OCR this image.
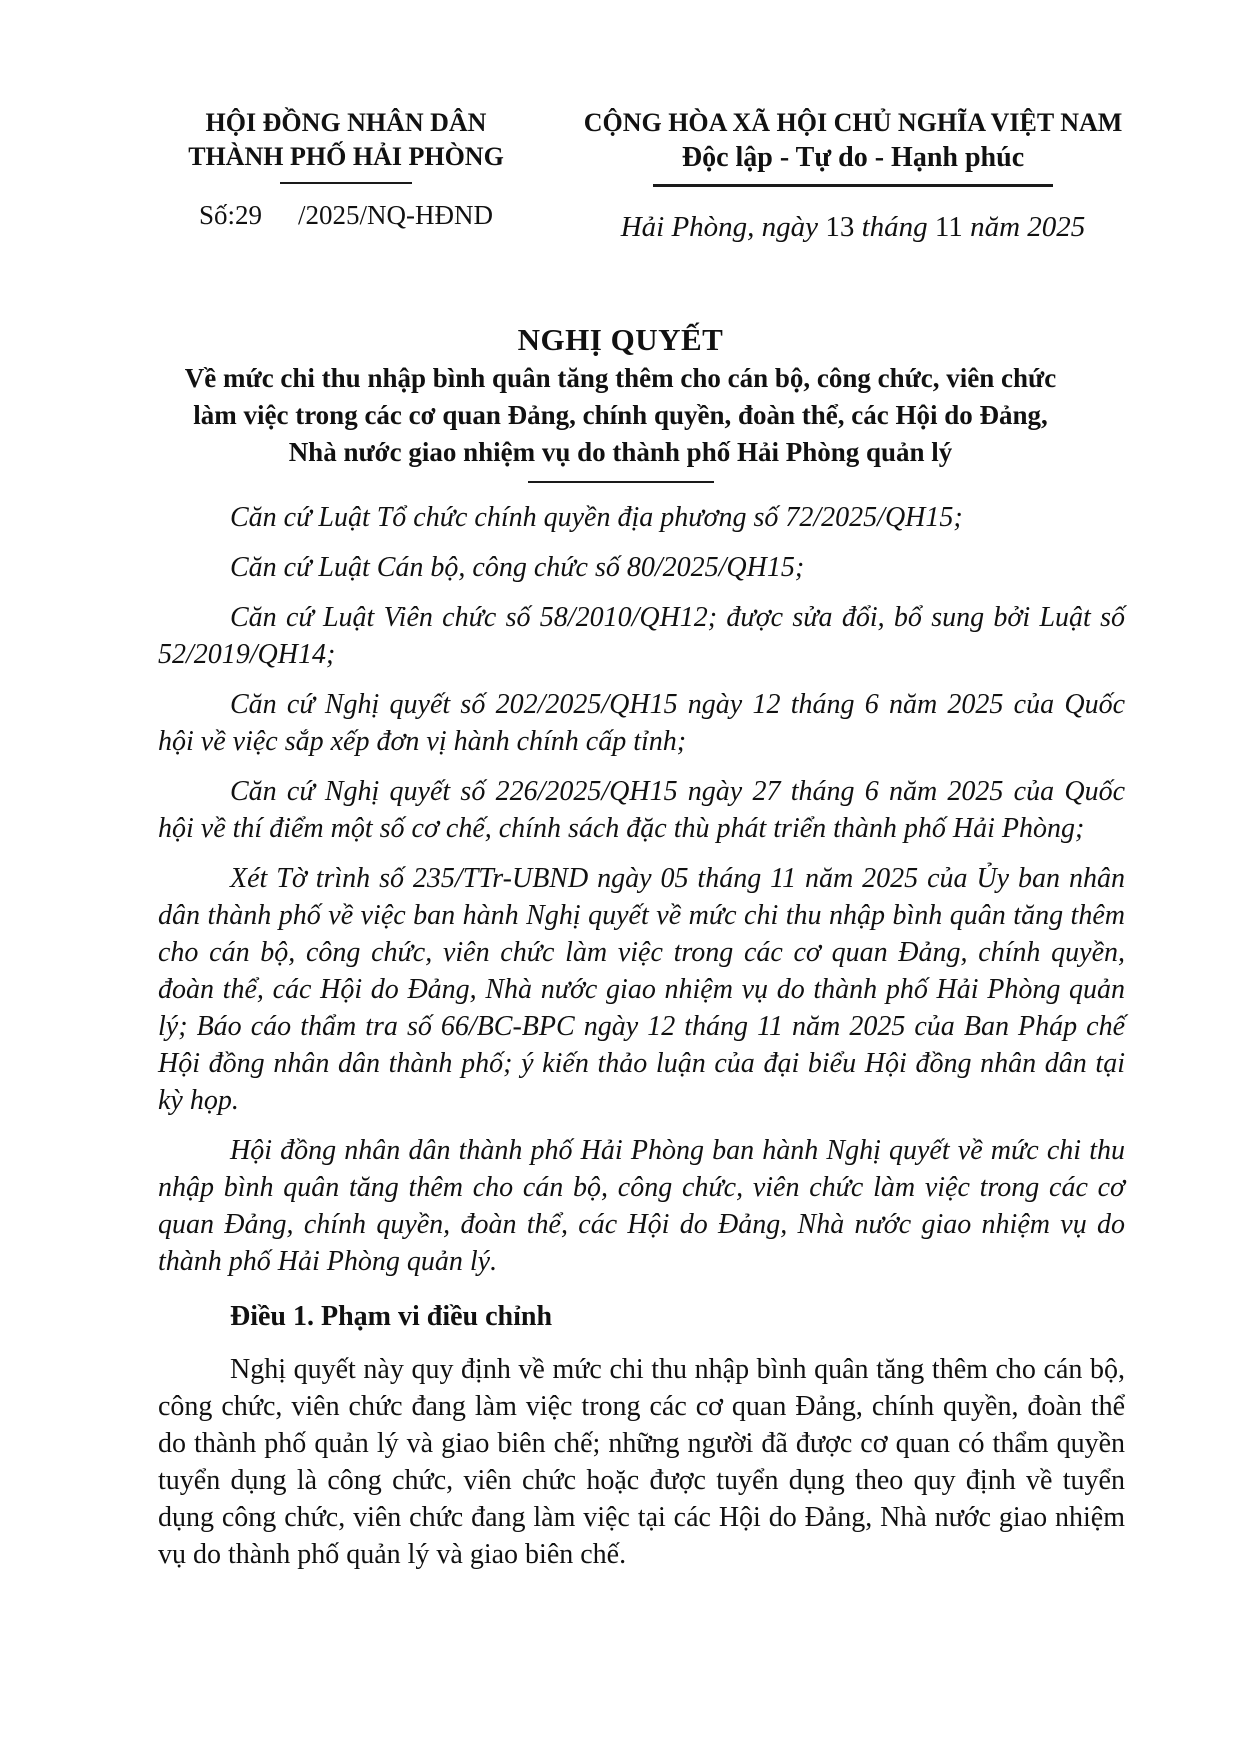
HỘI ĐỒNG NHÂN DÂN
THÀNH PHỐ HẢI PHÒNG
Số:29 /2025/NQ-HĐND
CỘNG HÒA XÃ HỘI CHỦ NGHĨA VIỆT NAM
Độc lập - Tự do - Hạnh phúc
Hải Phòng, ngày 13 tháng 11 năm 2025
NGHỊ QUYẾT
Về mức chi thu nhập bình quân tăng thêm cho cán bộ, công chức, viên chức
làm việc trong các cơ quan Đảng, chính quyền, đoàn thể, các Hội do Đảng,
Nhà nước giao nhiệm vụ do thành phố Hải Phòng quản lý

Căn cứ Luật Tổ chức chính quyền địa phương số 72/2025/QH15;

Căn cứ Luật Cán bộ, công chức số 80/2025/QH15;

Căn cứ Luật Viên chức số 58/2010/QH12; được sửa đổi, bổ sung bởi Luật số 52/2019/QH14;

Căn cứ Nghị quyết số 202/2025/QH15 ngày 12 tháng 6 năm 2025 của Quốc hội về việc sắp xếp đơn vị hành chính cấp tỉnh;

Căn cứ Nghị quyết số 226/2025/QH15 ngày 27 tháng 6 năm 2025 của Quốc hội về thí điểm một số cơ chế, chính sách đặc thù phát triển thành phố Hải Phòng;

Xét Tờ trình số 235/TTr-UBND ngày 05 tháng 11 năm 2025 của Ủy ban nhân dân thành phố về việc ban hành Nghị quyết về mức chi thu nhập bình quân tăng thêm cho cán bộ, công chức, viên chức làm việc trong các cơ quan Đảng, chính quyền, đoàn thể, các Hội do Đảng, Nhà nước giao nhiệm vụ do thành phố Hải Phòng quản lý; Báo cáo thẩm tra số 66/BC-BPC ngày 12 tháng 11 năm 2025 của Ban Pháp chế Hội đồng nhân dân thành phố; ý kiến thảo luận của đại biểu Hội đồng nhân dân tại kỳ họp.

Hội đồng nhân dân thành phố Hải Phòng ban hành Nghị quyết về mức chi thu nhập bình quân tăng thêm cho cán bộ, công chức, viên chức làm việc trong các cơ quan Đảng, chính quyền, đoàn thể, các Hội do Đảng, Nhà nước giao nhiệm vụ do thành phố Hải Phòng quản lý.

Điều 1. Phạm vi điều chỉnh

Nghị quyết này quy định về mức chi thu nhập bình quân tăng thêm cho cán bộ, công chức, viên chức đang làm việc trong các cơ quan Đảng, chính quyền, đoàn thể do thành phố quản lý và giao biên chế; những người đã được cơ quan có thẩm quyền tuyển dụng là công chức, viên chức hoặc được tuyển dụng theo quy định về tuyển dụng công chức, viên chức đang làm việc tại các Hội do Đảng, Nhà nước giao nhiệm vụ do thành phố quản lý và giao biên chế.
